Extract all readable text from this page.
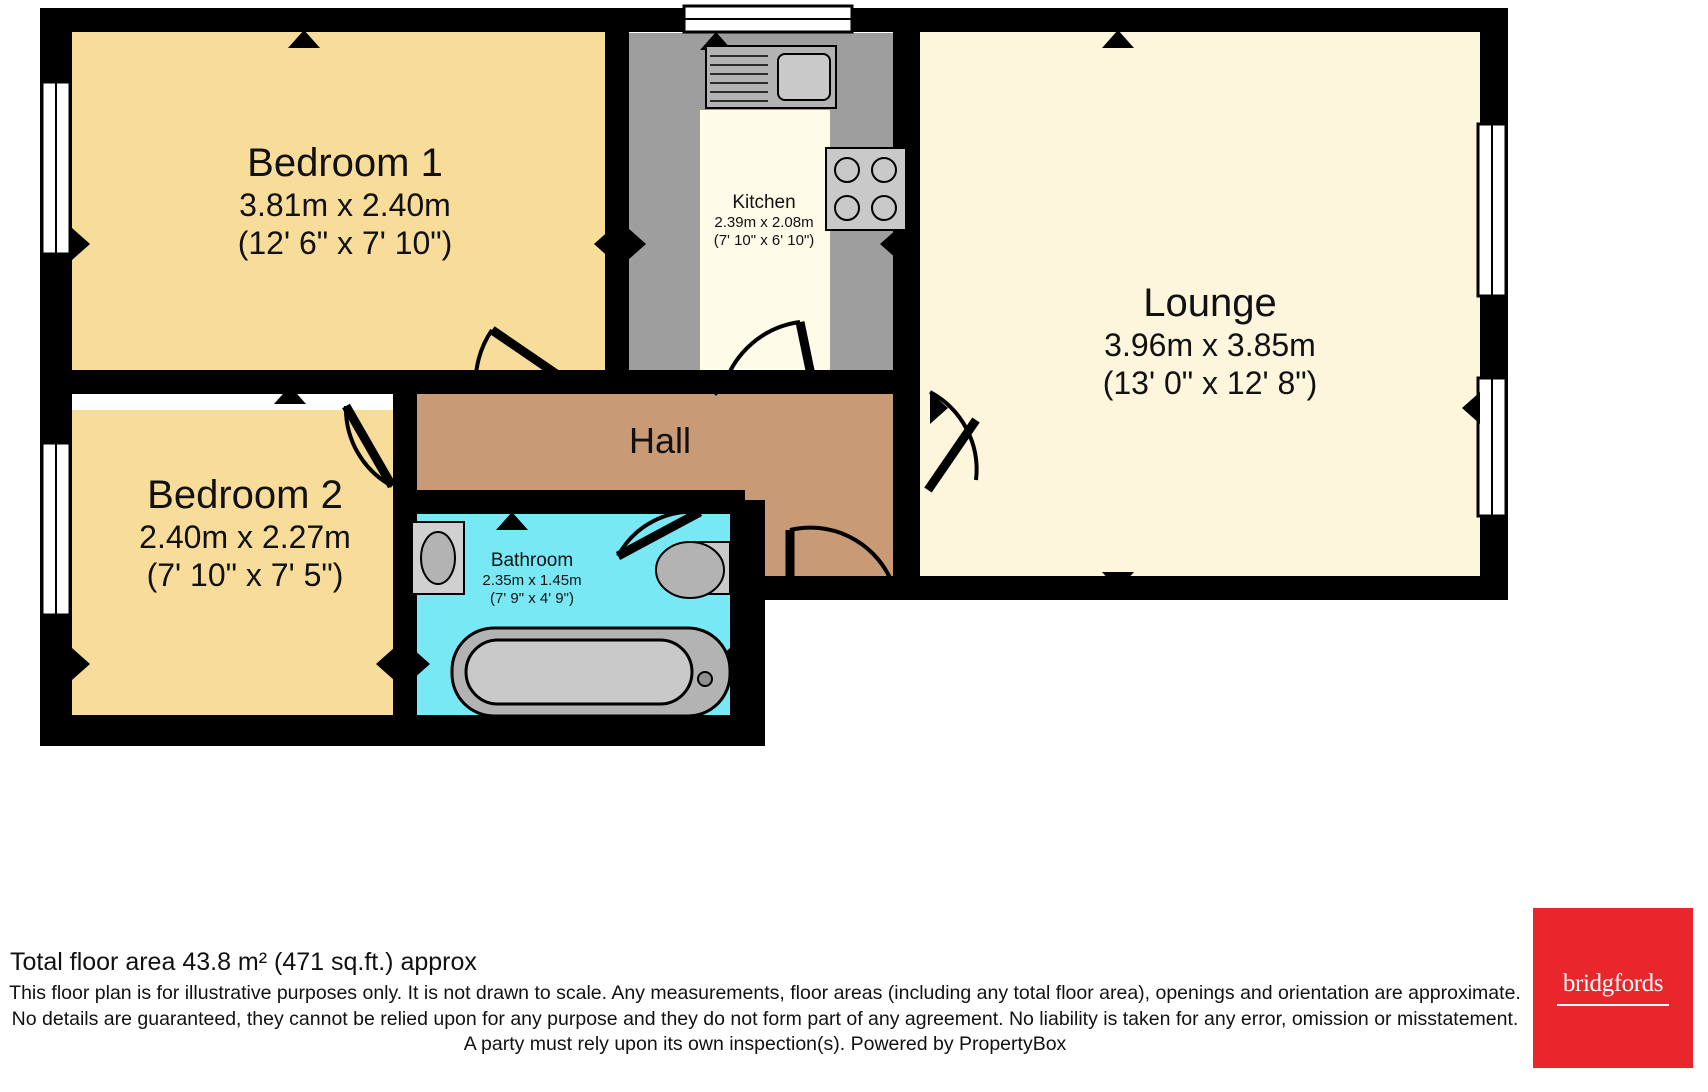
Bedroom 1
3.81m x 2.40m
(12' 6" x 7' 10")
Bedroom 2
2.40m x 2.27m
(7' 10" x 7' 5")
Kitchen
2.39m x 2.08m
(7' 10" x 6' 10")
Lounge
3.96m x 3.85m
(13' 0" x 12' 8")
Bathroom
2.35m x 1.45m
(7' 9" x 4' 9")
Hall
Total floor area 43.8 m² (471 sq.ft.) approx
This floor plan is for illustrative purposes only. It is not drawn to scale. Any measurements, floor areas (including any total floor area), openings and orientation are approximate. No details are guaranteed, they cannot be relied upon for any purpose and they do not form part of any agreement. No liability is taken for any error, omission or misstatement. A party must rely upon its own inspection(s). Powered by PropertyBox
bridgfords
